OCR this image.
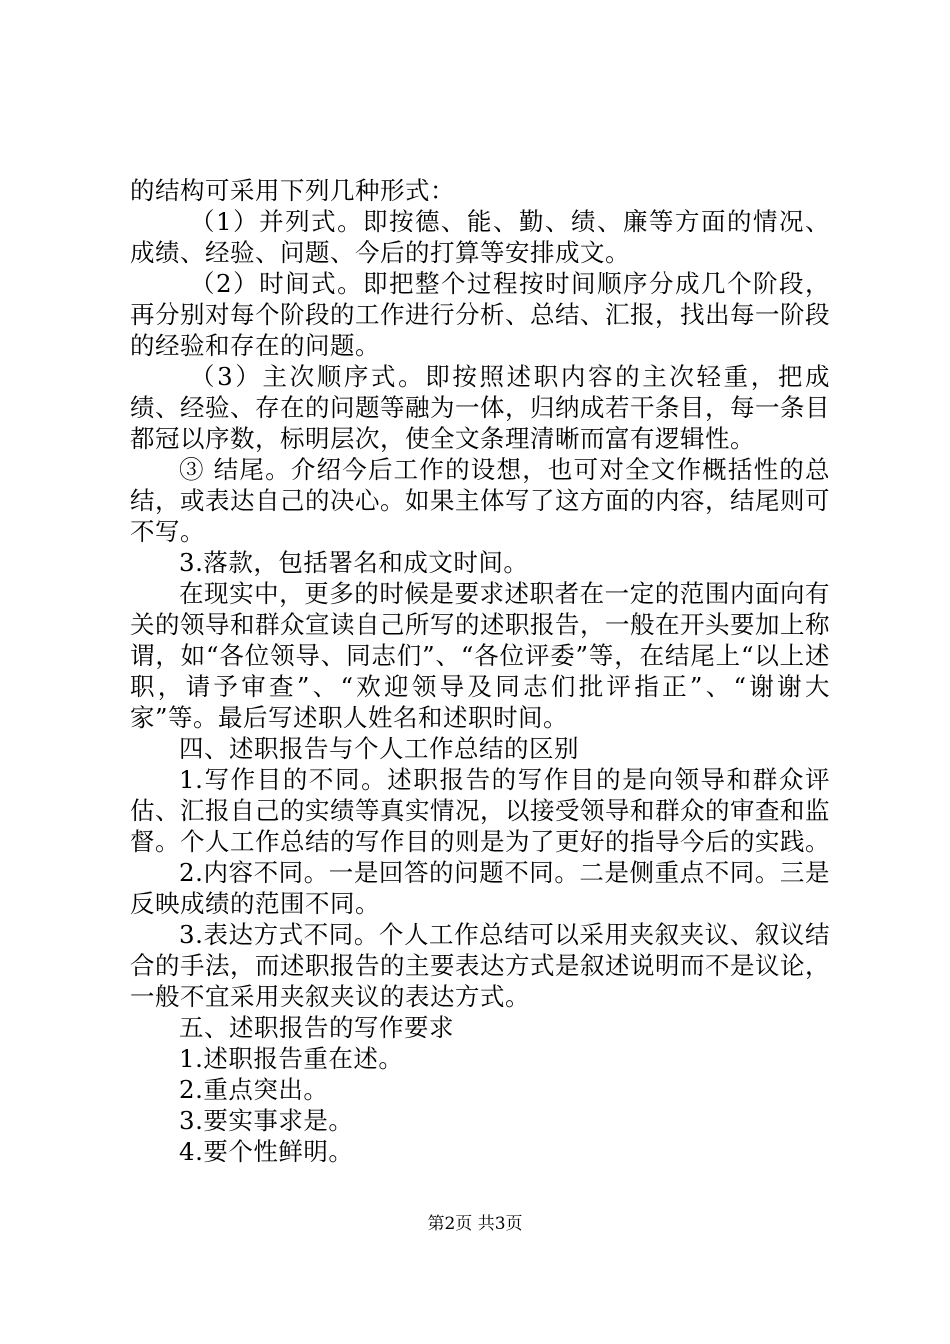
的结构可采用下列几种形式：

（1）并列式。即按德、能、勤、绩、廉等方面的情况、成绩、经验、问题、今后的打算等安排成文。

（2）时间式。即把整个过程按时间顺序分成几个阶段，再分别对每个阶段的工作进行分析、总结、汇报，找出每一阶段的经验和存在的问题。

（3）主次顺序式。即按照述职内容的主次轻重，把成绩、经验、存在的问题等融为一体，归纳成若干条目，每一条目都冠以序数，标明层次，使全文条理清晰而富有逻辑性。

③ 结尾。介绍今后工作的设想，也可对全文作概括性的总结，或表达自己的决心。如果主体写了这方面的内容，结尾则可不写。

3.落款，包括署名和成文时间。

在现实中，更多的时候是要求述职者在一定的范围内面向有关的领导和群众宣读自己所写的述职报告，一般在开头要加上称谓，如“各位领导、同志们”、“各位评委”等，在结尾上“以上述职，请予审查”、“欢迎领导及同志们批评指正”、“谢谢大家”等。最后写述职人姓名和述职时间。

四、述职报告与个人工作总结的区别

1.写作目的不同。述职报告的写作目的是向领导和群众评估、汇报自己的实绩等真实情况，以接受领导和群众的审查和监督。个人工作总结的写作目的则是为了更好的指导今后的实践。

2.内容不同。一是回答的问题不同。二是侧重点不同。三是反映成绩的范围不同。

3.表达方式不同。个人工作总结可以采用夹叙夹议、叙议结合的手法，而述职报告的主要表达方式是叙述说明而不是议论，一般不宜采用夹叙夹议的表达方式。

五、述职报告的写作要求

1.述职报告重在述。

2.重点突出。

3.要实事求是。

4.要个性鲜明。

第2页 共3页
